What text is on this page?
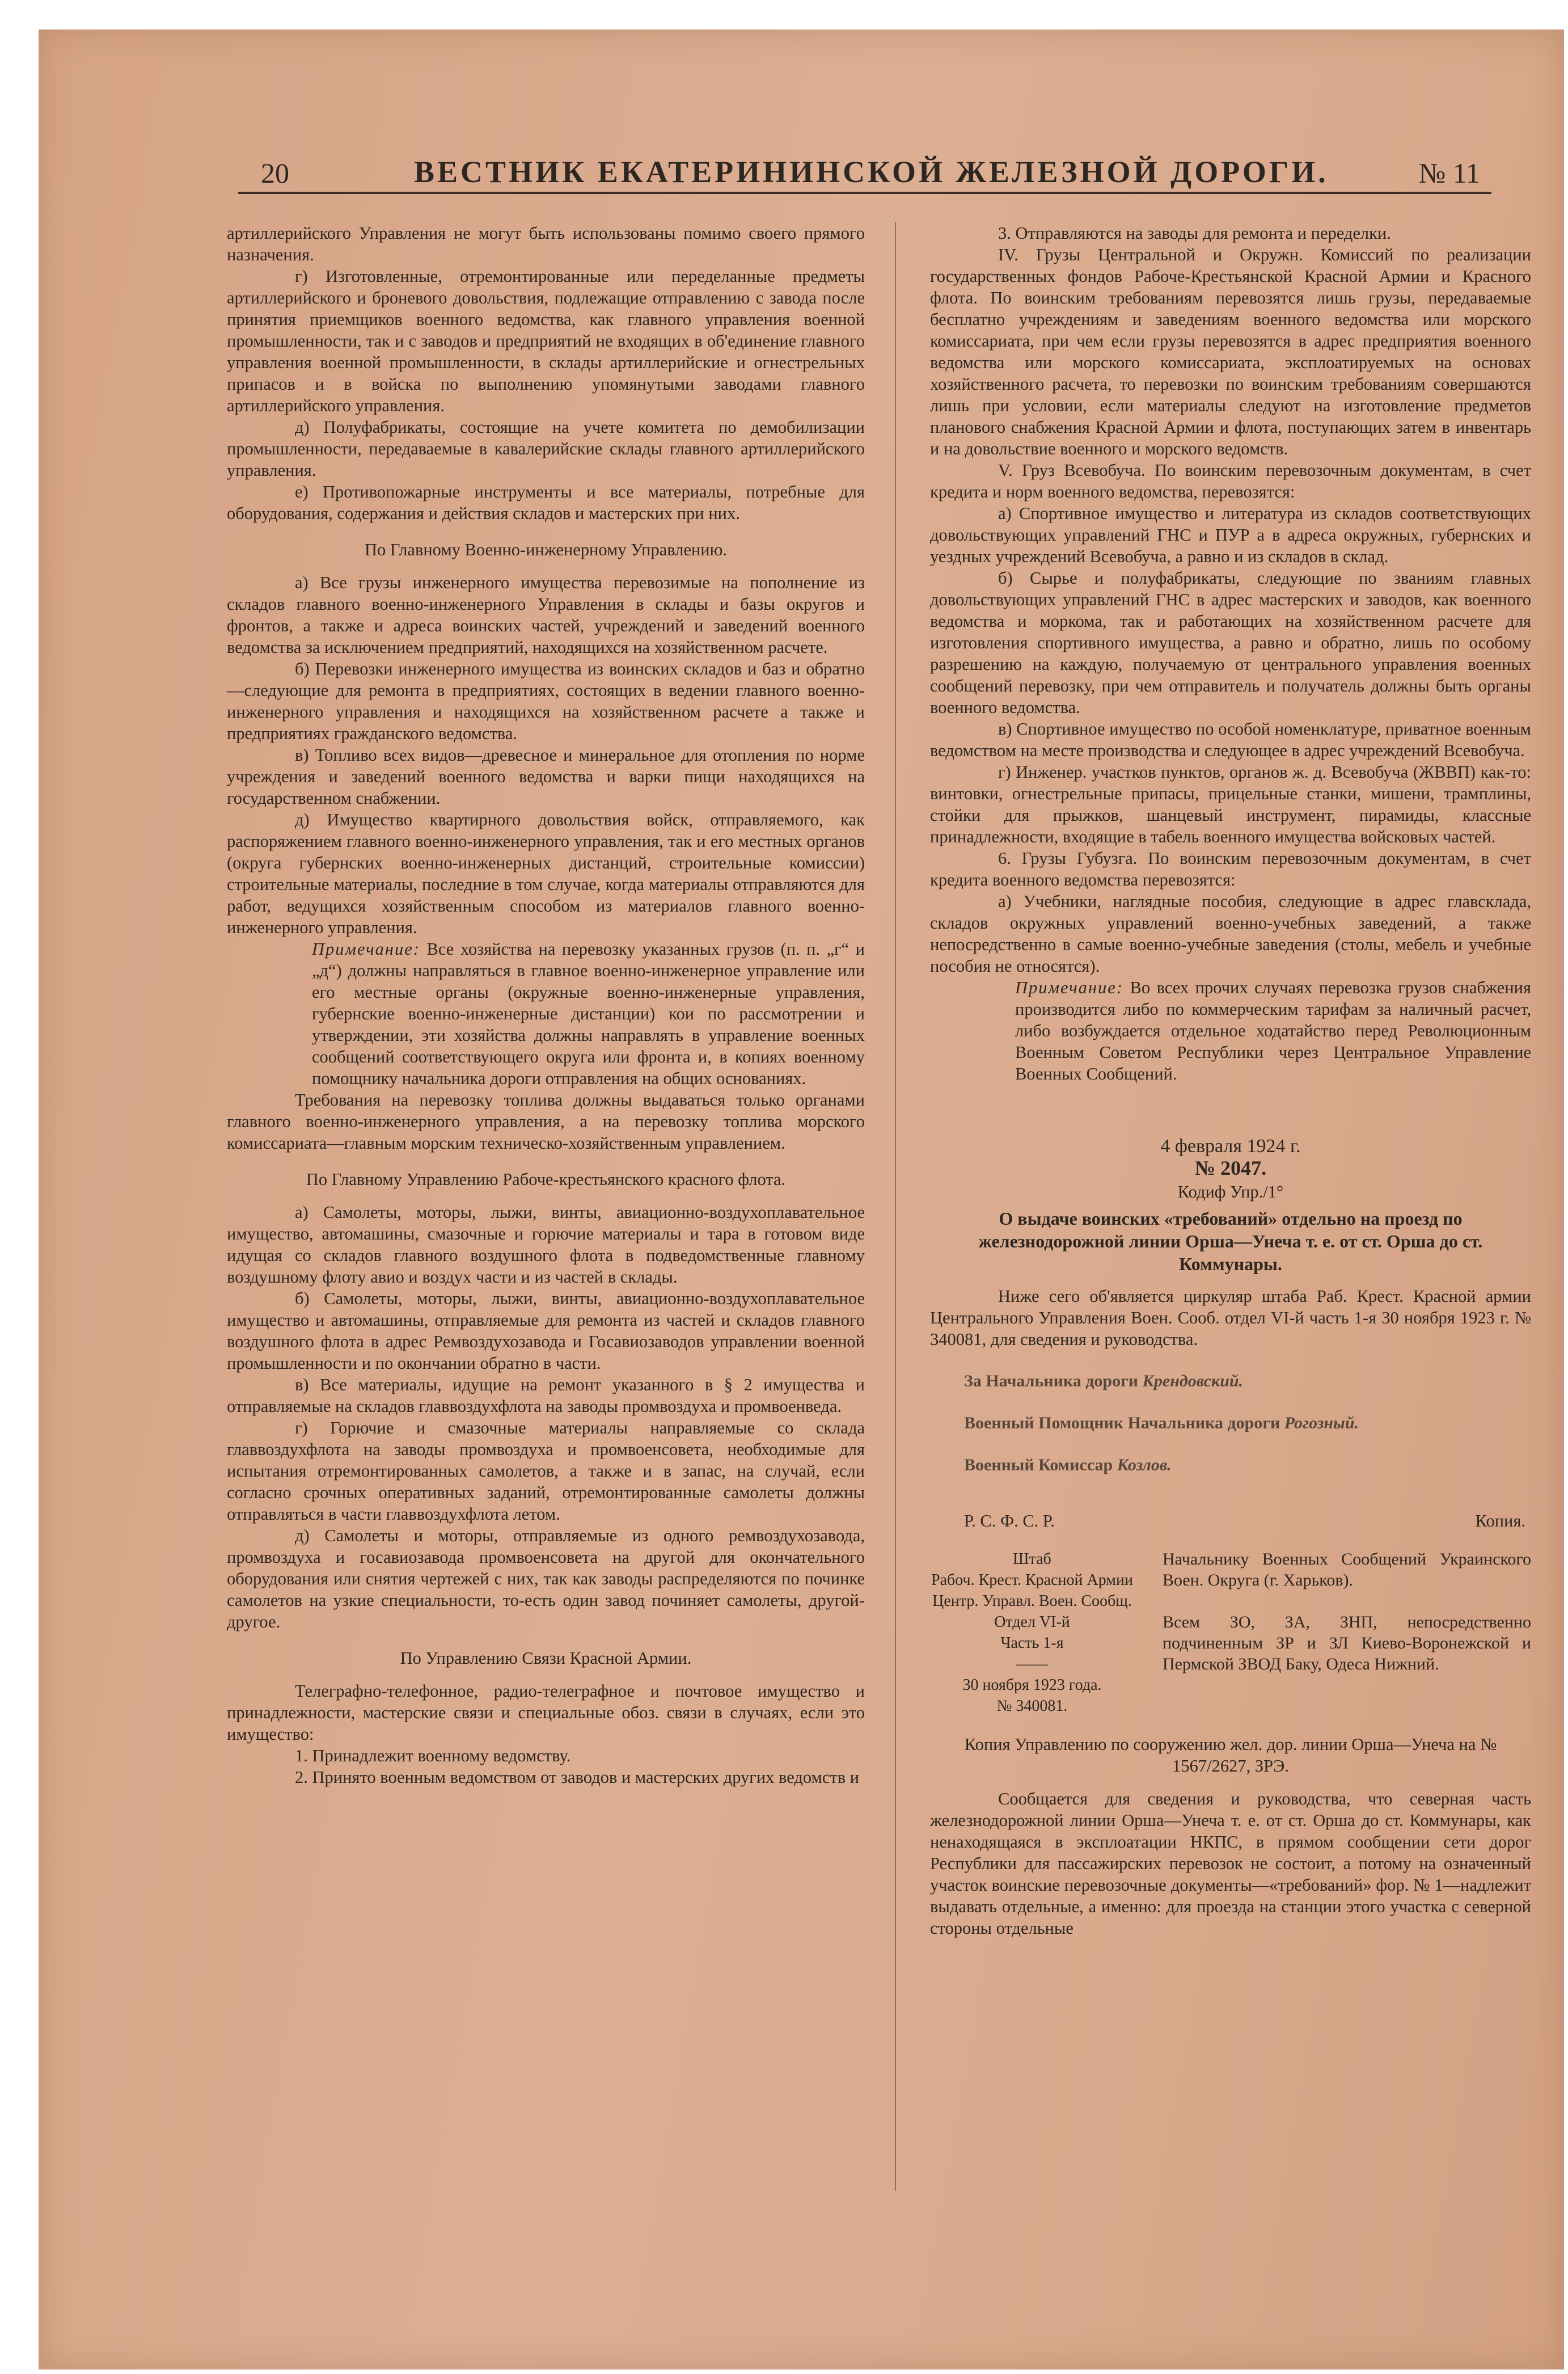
20	ВЕСТНИК ЕКАТЕРИНИНСКОЙ ЖЕЛЕЗНОЙ ДОРОГИ.	№ 11

артиллерийского Управления не могут быть использованы помимо своего прямого назначения.

г) Изготовленные, отремонтированные или переделанные предметы артиллерийского и броневого довольствия, подлежащие отправлению с завода после принятия приемщиков военного ведомства, как главного управления военной промышленности, так и с заводов и предприятий не входящих в об'единение главного управления военной промышленности, в склады артиллерийские и огнестрельных припасов и в войска по выполнению упомянутыми заводами главного артиллерийского управления.

д) Полуфабрикаты, состоящие на учете комитета по демобилизации промышленности, передаваемые в кавалерийские склады главного артиллерийского управления.

е) Противопожарные инструменты и все материалы, потребные для оборудования, содержания и действия складов и мастерских при них.

По Главному Военно-инженерному Управлению.

а) Все грузы инженерного имущества перевозимые на пополнение из складов главного военно-инженерного Управления в склады и базы округов и фронтов, а также и адреса воинских частей, учреждений и заведений военного ведомства за исключением предприятий, находящихся на хозяйственном расчете.

б) Перевозки инженерного имущества из воинских складов и баз и обратно—следующие для ремонта в предприятиях, состоящих в ведении главного военно-инженерного управления и находящихся на хозяйственном расчете а также и предприятиях гражданского ведомства.

в) Топливо всех видов—древесное и минеральное для отопления по норме учреждения и заведений военного ведомства и варки пищи находящихся на государственном снабжении.

д) Имущество квартирного довольствия войск, отправляемого, как распоряжением главного военно-инженерного управления, так и его местных органов (округа губернских военно-инженерных дистанций, строительные комиссии) строительные материалы, последние в том случае, когда материалы отправляются для работ, ведущихся хозяйственным способом из материалов главного военно-инженерного управления.

Примечание: Все хозяйства на перевозку указанных грузов (п. п. „г“ и „д“) должны направляться в главное военно-инженерное управление или его местные органы (окружные военно-инженерные управления, губернские военно-инженерные дистанции) кои по рассмотрении и утверждении, эти хозяйства должны направлять в управление военных сообщений соответствующего округа или фронта и, в копиях военному помощнику начальника дороги отправления на общих основаниях.

Требования на перевозку топлива должны выдаваться только органами главного военно-инженерного управления, а на перевозку топлива морского комиссариата—главным морским техническо-хозяйственным управлением.

По Главному Управлению Рабоче-крестьянского красного флота.

а) Самолеты, моторы, лыжи, винты, авиационно-воздухоплавательное имущество, автомашины, смазочные и горючие материалы и тара в готовом виде идущая со складов главного воздушного флота в подведомственные главному воздушному флоту авио и воздух части и из частей в склады.

б) Самолеты, моторы, лыжи, винты, авиационно-воздухоплавательное имущество и автомашины, отправляемые для ремонта из частей и складов главного воздушного флота в адрес Ремвоздухозавода и Госавиозаводов управлении военной промышленности и по окончании обратно в части.

в) Все материалы, идущие на ремонт указанного в § 2 имущества и отправляемые на складов главвоздухфлота на заводы промвоздуха и промвоенведа.

г) Горючие и смазочные материалы направляемые со склада главвоздухфлота на заводы промвоздуха и промвоенсовета, необходимые для испытания отремонтированных самолетов, а также и в запас, на случай, если согласно срочных оперативных заданий, отремонтированные самолеты должны отправляться в части главвоздухфлота летом.

д) Самолеты и моторы, отправляемые из одного ремвоздухозавода, промвоздуха и госавиозавода промвоенсовета на другой для окончательного оборудования или снятия чертежей с них, так как заводы распределяются по починке самолетов на узкие специальности, то-есть один завод починяет самолеты, другой-другое.

По Управлению Связи Красной Армии.

Телеграфно-телефонное, радио-телеграфное и почтовое имущество и принадлежности, мастерские связи и специальные обоз. связи в случаях, если это имущество:

1. Принадлежит военному ведомству.

2. Принято военным ведомством от заводов и мастерских других ведомств и

3. Отправляются на заводы для ремонта и переделки.

IV. Грузы Центральной и Окружн. Комиссий по реализации государственных фондов Рабоче-Крестьянской Красной Армии и Красного флота. По воинским требованиям перевозятся лишь грузы, передаваемые бесплатно учреждениям и заведениям военного ведомства или морского комиссариата, при чем если грузы перевозятся в адрес предприятия военного ведомства или морского комиссариата, эксплоатируемых на основах хозяйственного расчета, то перевозки по воинским требованиям совершаются лишь при условии, если материалы следуют на изготовление предметов планового снабжения Красной Армии и флота, поступающих затем в инвентарь и на довольствие военного и морского ведомств.

V. Груз Всевобуча. По воинским перевозочным документам, в счет кредита и норм военного ведомства, перевозятся:

а) Спортивное имущество и литература из складов соответствующих довольствующих управлений ГНС и ПУР а в адреса окружных, губернских и уездных учреждений Всевобуча, а равно и из складов в склад.

б) Сырье и полуфабрикаты, следующие по званиям главных довольствующих управлений ГНС в адрес мастерских и заводов, как военного ведомства и моркома, так и работающих на хозяйственном расчете для изготовления спортивного имущества, а равно и обратно, лишь по особому разрешению на каждую, получаемую от центрального управления военных сообщений перевозку, при чем отправитель и получатель должны быть органы военного ведомства.

в) Спортивное имущество по особой номенклатуре, приватное военным ведомством на месте производства и следующее в адрес учреждений Всевобуча.

г) Инженер. участков пунктов, органов ж. д. Всевобуча (ЖВВП) как-то: винтовки, огнестрельные припасы, прицельные станки, мишени, трамплины, стойки для прыжков, шанцевый инструмент, пирамиды, классные принадлежности, входящие в табель военного имущества войсковых частей.

6. Грузы Губузга. По воинским перевозочным документам, в счет кредита военного ведомства перевозятся:

а) Учебники, наглядные пособия, следующие в адрес главсклада, складов окружных управлений военно-учебных заведений, а также непосредственно в самые военно-учебные заведения (столы, мебель и учебные пособия не относятся).

Примечание: Во всех прочих случаях перевозка грузов снабжения производится либо по коммерческим тарифам за наличный расчет, либо возбуждается отдельное ходатайство перед Революционным Военным Советом Республики через Центральное Управление Военных Сообщений.

4 февраля 1924 г.

№ 2047.

Кодиф Упр./1°

О выдаче воинских «требований» отдельно на проезд по железнодорожной линии Орша—Унеча т. е. от ст. Орша до ст. Коммунары.

Ниже сего об'является циркуляр штаба Раб. Крест. Красной армии Центрального Управления Воен. Сооб. отдел VI-й часть 1-я 30 ноября 1923 г. № 340081, для сведения и руководства.

За Начальника дороги Крендовский.

Военный Помощник Начальника дороги Рогозный.

Военный Комиссар Козлов.

Р. С. Ф. С. Р.	Копия.
Штаб
Рабоч. Крест. Красной Армии
Центр. Управл. Воен. Сообщ.
Отдел VI-й
Часть 1-я
——
30 ноября 1923 года.
№ 340081.
Начальнику Военных Сообщений Украинского Воен. Округа (г. Харьков).

Всем ЗО, ЗА, ЗНП, непосредственно подчиненным ЗР и ЗЛ Киево-Воронежской и Пермской ЗВОД Баку, Одеса Нижний.

Копия Управлению по сооружению жел. дор. линии Орша—Унеча на № 1567/2627, ЗРЭ.

Сообщается для сведения и руководства, что северная часть железнодорожной линии Орша—Унеча т. е. от ст. Орша до ст. Коммунары, как ненаходящаяся в эксплоатации НКПС, в прямом сообщении сети дорог Республики для пассажирских перевозок не состоит, а потому на означенный участок воинские перевозочные документы—«требований» фор. № 1—надлежит выдавать отдельные, а именно: для проезда на станции этого участка с северной стороны отдельные
